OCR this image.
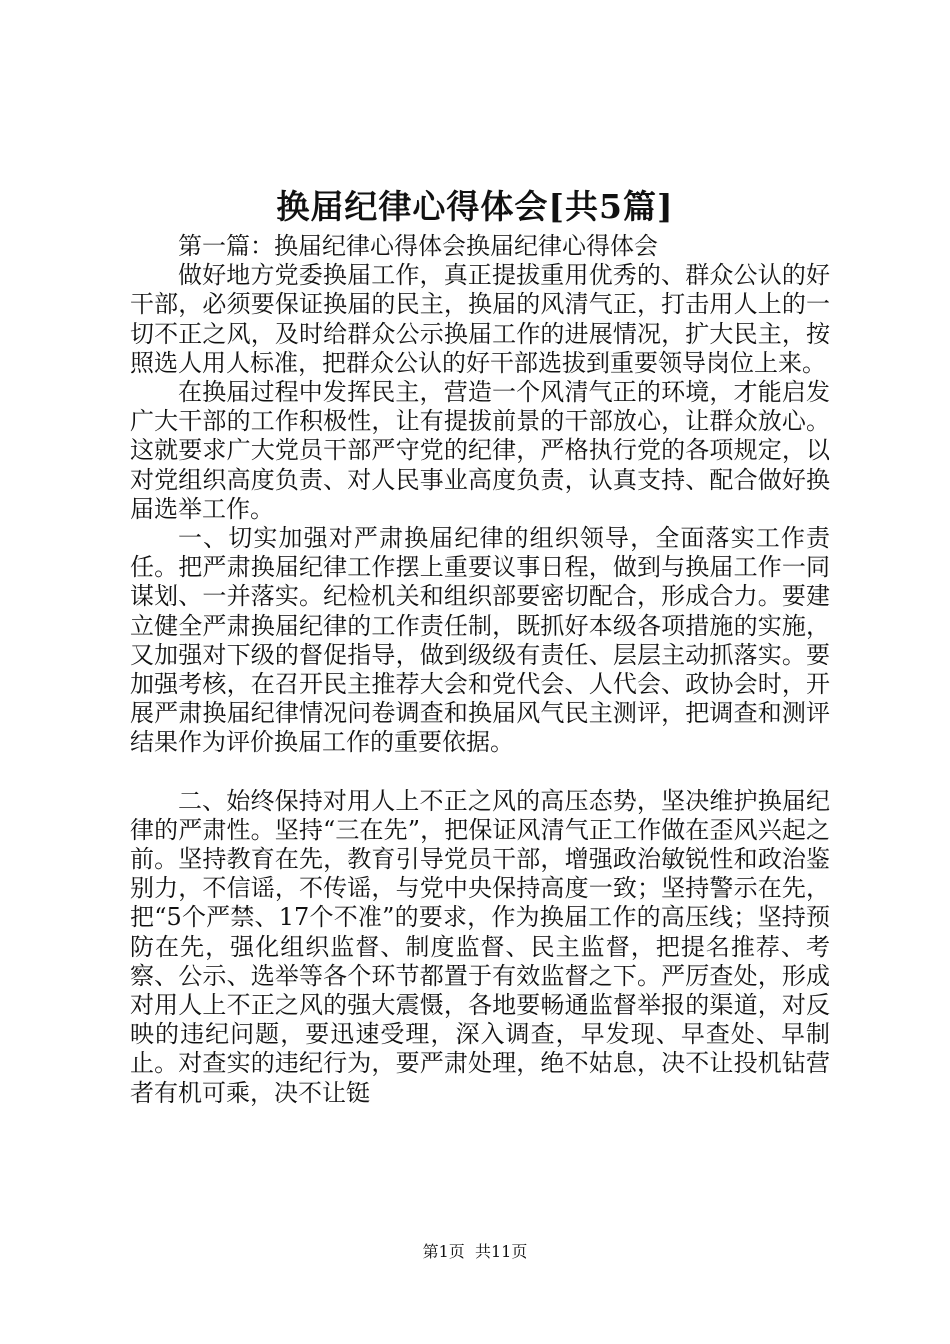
换届纪律心得体会[共5篇]

第一篇：换届纪律心得体会换届纪律心得体会

做好地方党委换届工作，真正提拔重用优秀的、群众公认的好干部，必须要保证换届的民主，换届的风清气正，打击用人上的一切不正之风，及时给群众公示换届工作的进展情况，扩大民主，按照选人用人标准，把群众公认的好干部选拔到重要领导岗位上来。

在换届过程中发挥民主，营造一个风清气正的环境，才能启发广大干部的工作积极性，让有提拔前景的干部放心，让群众放心。这就要求广大党员干部严守党的纪律，严格执行党的各项规定，以对党组织高度负责、对人民事业高度负责，认真支持、配合做好换届选举工作。

一、切实加强对严肃换届纪律的组织领导，全面落实工作责任。把严肃换届纪律工作摆上重要议事日程，做到与换届工作一同谋划、一并落实。纪检机关和组织部要密切配合，形成合力。要建立健全严肃换届纪律的工作责任制，既抓好本级各项措施的实施，又加强对下级的督促指导，做到级级有责任、层层主动抓落实。要加强考核，在召开民主推荐大会和党代会、人代会、政协会时，开展严肃换届纪律情况问卷调查和换届风气民主测评，把调查和测评结果作为评价换届工作的重要依据。

二、始终保持对用人上不正之风的高压态势，坚决维护换届纪律的严肃性。坚持“三在先”，把保证风清气正工作做在歪风兴起之前。坚持教育在先，教育引导党员干部，增强政治敏锐性和政治鉴别力，不信谣，不传谣，与党中央保持高度一致；坚持警示在先，把“5个严禁、17个不准”的要求，作为换届工作的高压线；坚持预防在先，强化组织监督、制度监督、民主监督，把提名推荐、考察、公示、选举等各个环节都置于有效监督之下。严厉查处，形成对用人上不正之风的强大震慑，各地要畅通监督举报的渠道，对反映的违纪问题，要迅速受理，深入调查，早发现、早查处、早制止。对查实的违纪行为，要严肃处理，绝不姑息，决不让投机钻营者有机可乘，决不让铤

第1页 共11页
